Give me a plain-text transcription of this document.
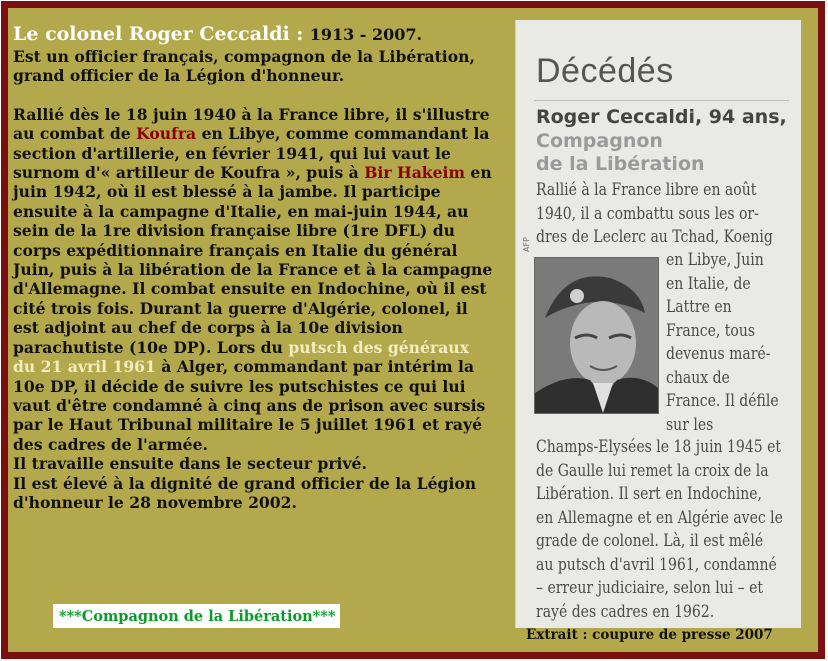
Le colonel Roger Ceccaldi : 1913 - 2007.

Est un officier français, compagnon de la Libération, grand officier de la Légion d'honneur.

Rallié dès le 18 juin 1940 à la France libre, il s'illustre au combat de Koufra en Libye, comme commandant la section d'artillerie, en février 1941, qui lui vaut le surnom d'« artilleur de Koufra », puis à Bir Hakeim en juin 1942, où il est blessé à la jambe. Il participe ensuite à la campagne d'Italie, en mai-juin 1944, au sein de la 1re division française libre (1re DFL) du corps expéditionnaire français en Italie du général Juin, puis à la libération de la France et à la campagne d'Allemagne. Il combat ensuite en Indochine, où il est cité trois fois. Durant la guerre d'Algérie, colonel, il est adjoint au chef de corps à la 10e division parachutiste (10e DP). Lors du putsch des généraux du 21 avril 1961 à Alger, commandant par intérim la 10e DP, il décide de suivre les putschistes ce qui lui vaut d'être condamné à cinq ans de prison avec sursis par le Haut Tribunal militaire le 5 juillet 1961 et rayé des cadres de l'armée.

Il travaille ensuite dans le secteur privé.

Il est élevé à la dignité de grand officier de la Légion d'honneur le 28 novembre 2002.

***Compagnon de la Libération***
Décédés
Roger Ceccaldi, 94 ans,
Compagnon
de la Libération
Rallié à la France libre en août
1940, il a combattu sous les or-
dres de Leclerc au Tchad, Koenig
AFP
en Libye, Juin
en Italie, de
Lattre en
France, tous
devenus maré-
chaux de
France. Il défile
sur les
Champs-Elysées le 18 juin 1945 et
de Gaulle lui remet la croix de la
Libération. Il sert en Indochine,
en Allemagne et en Algérie avec le
grade de colonel. Là, il est mêlé
au putsch d'avril 1961, condamné
– erreur judiciaire, selon lui – et
rayé des cadres en 1962.
Extrait : coupure de presse 2007
